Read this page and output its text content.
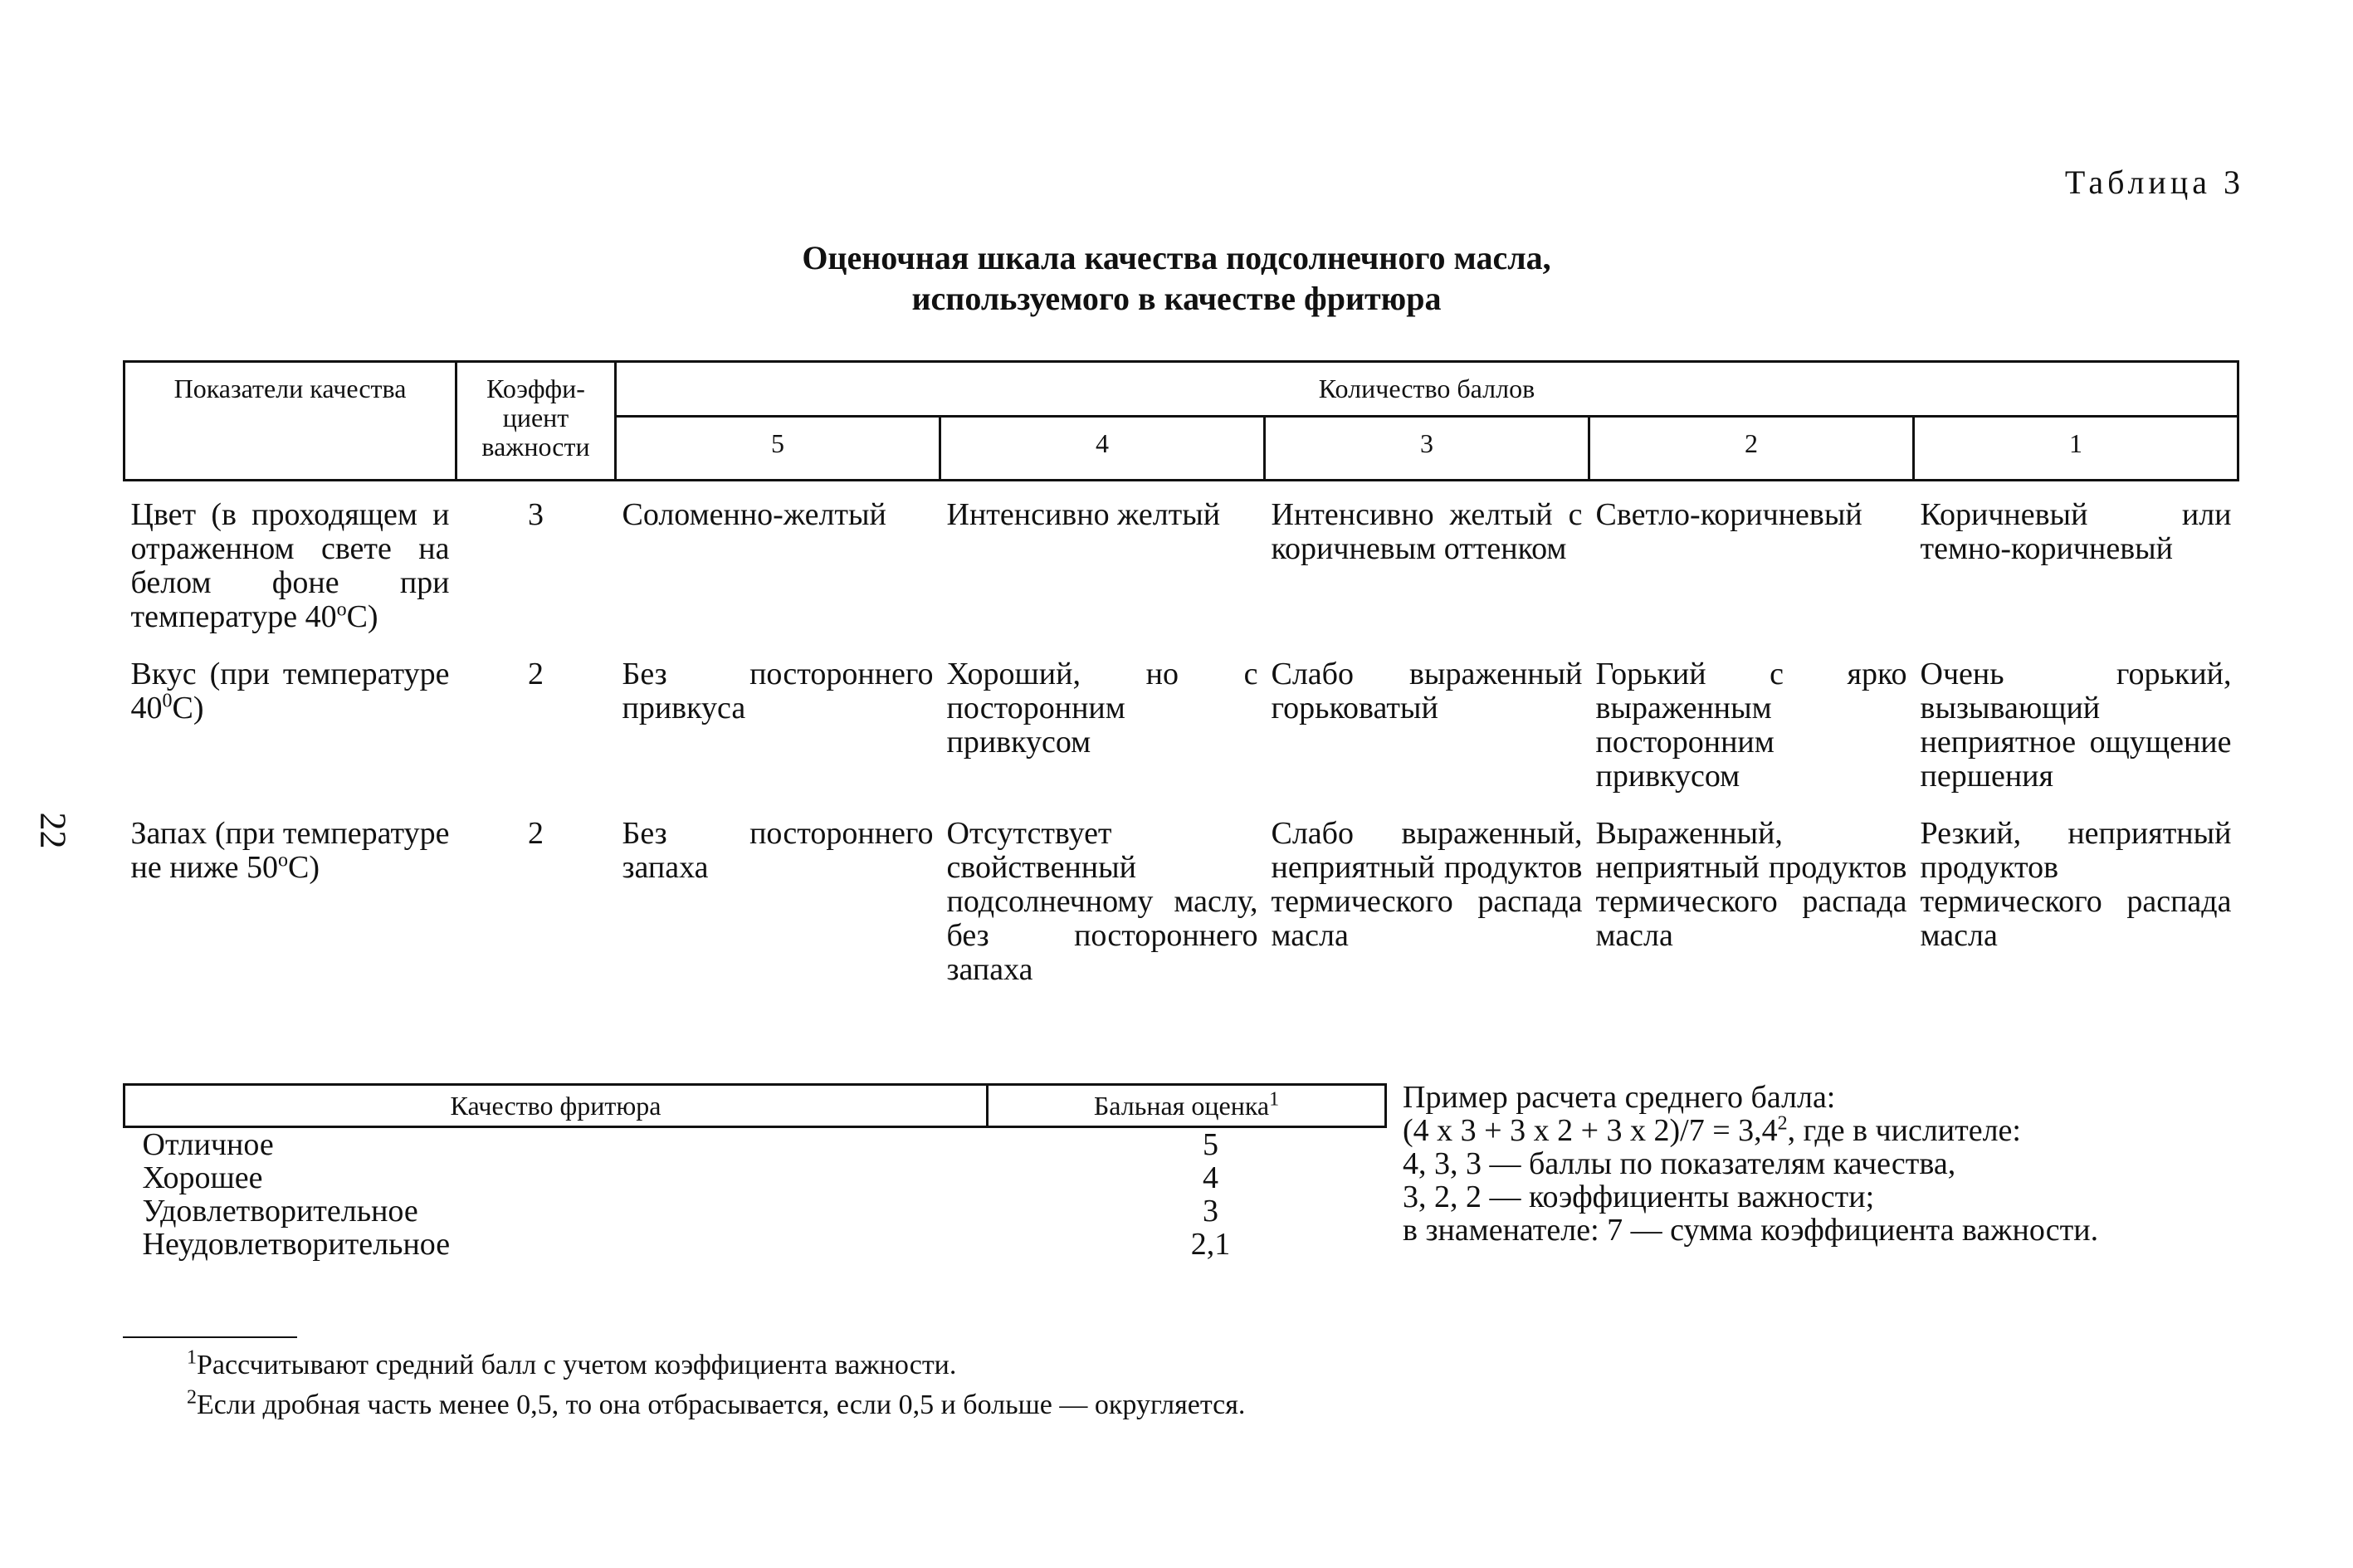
Таблица 3
Оценочная шкала качества подсолнечного масла,
используемого в качестве фритюра
22
Показатели качества	Коэффи-
циент
важности	Количество баллов				
		5	4	3	2	1
Цвет (в проходящем и отраженном свете на белом фоне при температуре 40$^o$С)	3	Соломенно-желтый	Интенсивно желтый	Интенсивно желтый с коричневым оттенком	Светло-коричневый	Коричневый или темно-коричневый
Вкус (при температуре $40^0С$)	2	Без постороннего привкуса	Хороший, но с посторонним привкусом	Слабо выраженный горьковатый	Горький с ярко выраженным посторонним привкусом	Очень горький, вызывающий неприятное ощущение першения
Запах (при температуре не ниже 50$^o$С)	2	Без постороннего запаха	Отсутствует свойственный подсолнечному маслу, без постороннего запаха	Слабо выраженный, неприятный продуктов термического распада масла	Выраженный, неприятный продуктов термического распада масла	Резкий, неприятный продуктов термического распада масла
Качество фритюра	Бальная оценка$^1$
Отличное	5
Хорошее	4
Удовлетворительное	3
Неудовлетворительное	2,1
Пример расчета среднего балла:
(4 х 3 + 3 х 2 + 3 х $2)/7 = 3,4^2$, где в числителе:
4, 3, 3 — баллы по показателям качества,
3, 2, 2 — коэффициенты важности;
в знаменателе: 7 — сумма коэффициента важности.
$^1$Рассчитывают средний балл с учетом коэффициента важности.
$^2$Если дробная часть менее 0,5, то она отбрасывается, если 0,5 и больше — округляется.
